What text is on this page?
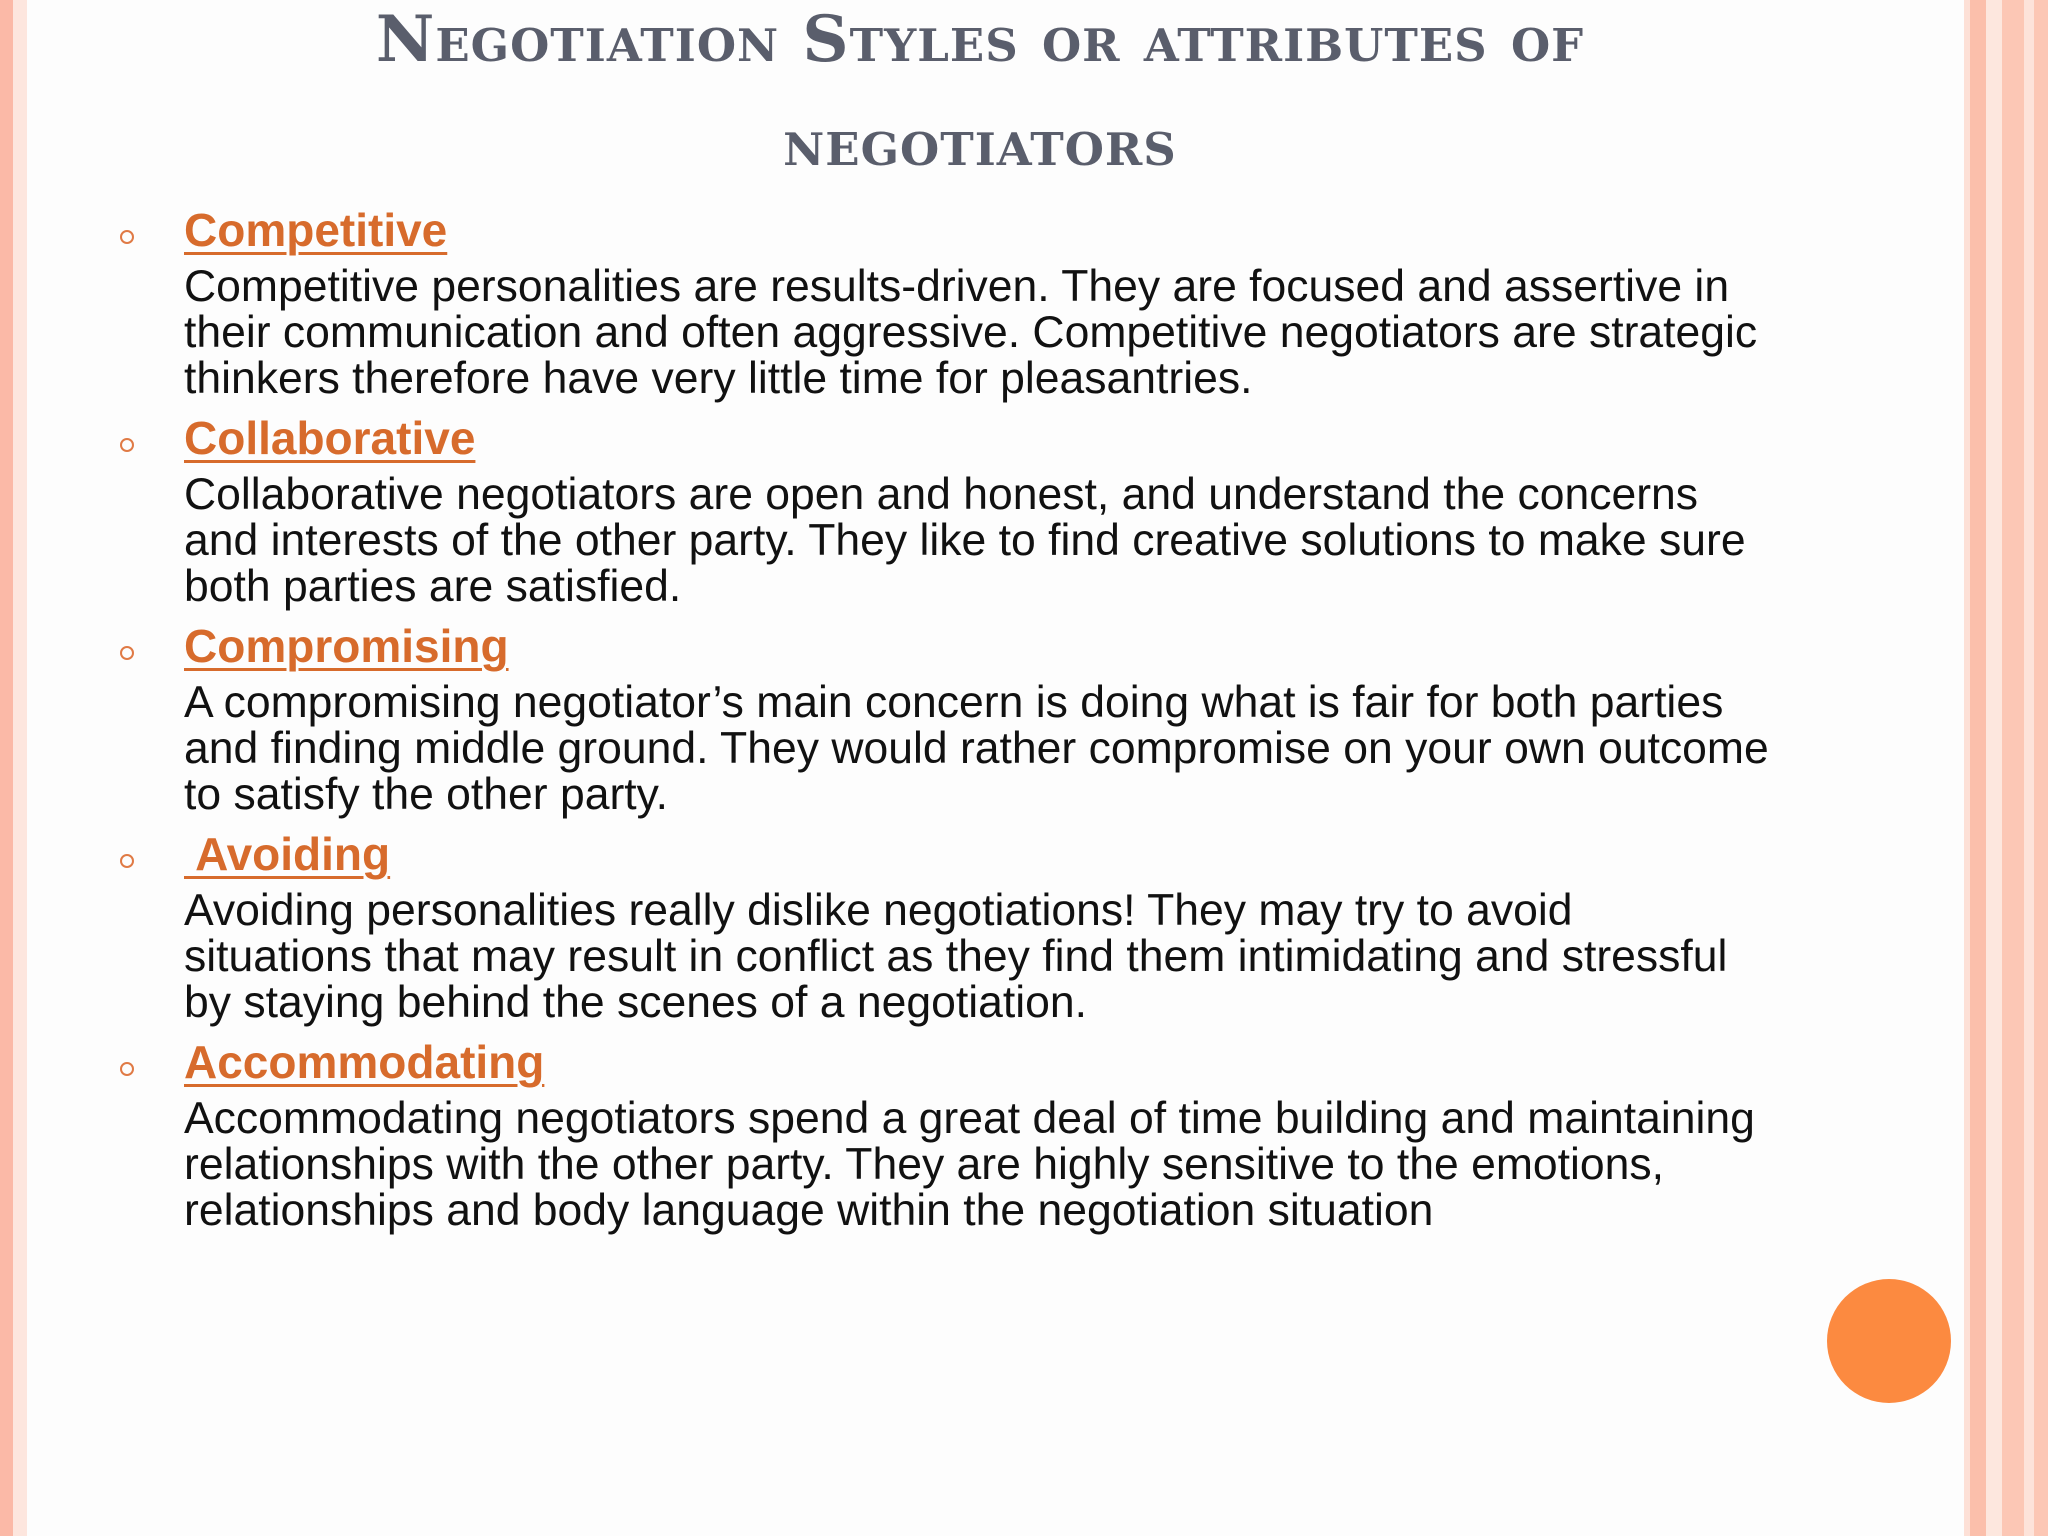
Negotiation Styles or attributes of
negotiators
Competitive
Competitive personalities are results-driven. They are focused and assertive in their communication and often aggressive. Competitive negotiators are strategic thinkers therefore have very little time for pleasantries.
Collaborative
Collaborative negotiators are open and honest, and understand the concerns and interests of the other party. They like to find creative solutions to make sure both parties are satisfied.
Compromising
A compromising negotiator’s main concern is doing what is fair for both parties and finding middle ground. They would rather compromise on your own outcome to satisfy the other party.
Avoiding
Avoiding personalities really dislike negotiations! They may try to avoid situations that may result in conflict as they find them intimidating and stressful by staying behind the scenes of a negotiation.
Accommodating
Accommodating negotiators spend a great deal of time building and maintaining relationships with the other party. They are highly sensitive to the emotions, relationships and body language within the negotiation situation
